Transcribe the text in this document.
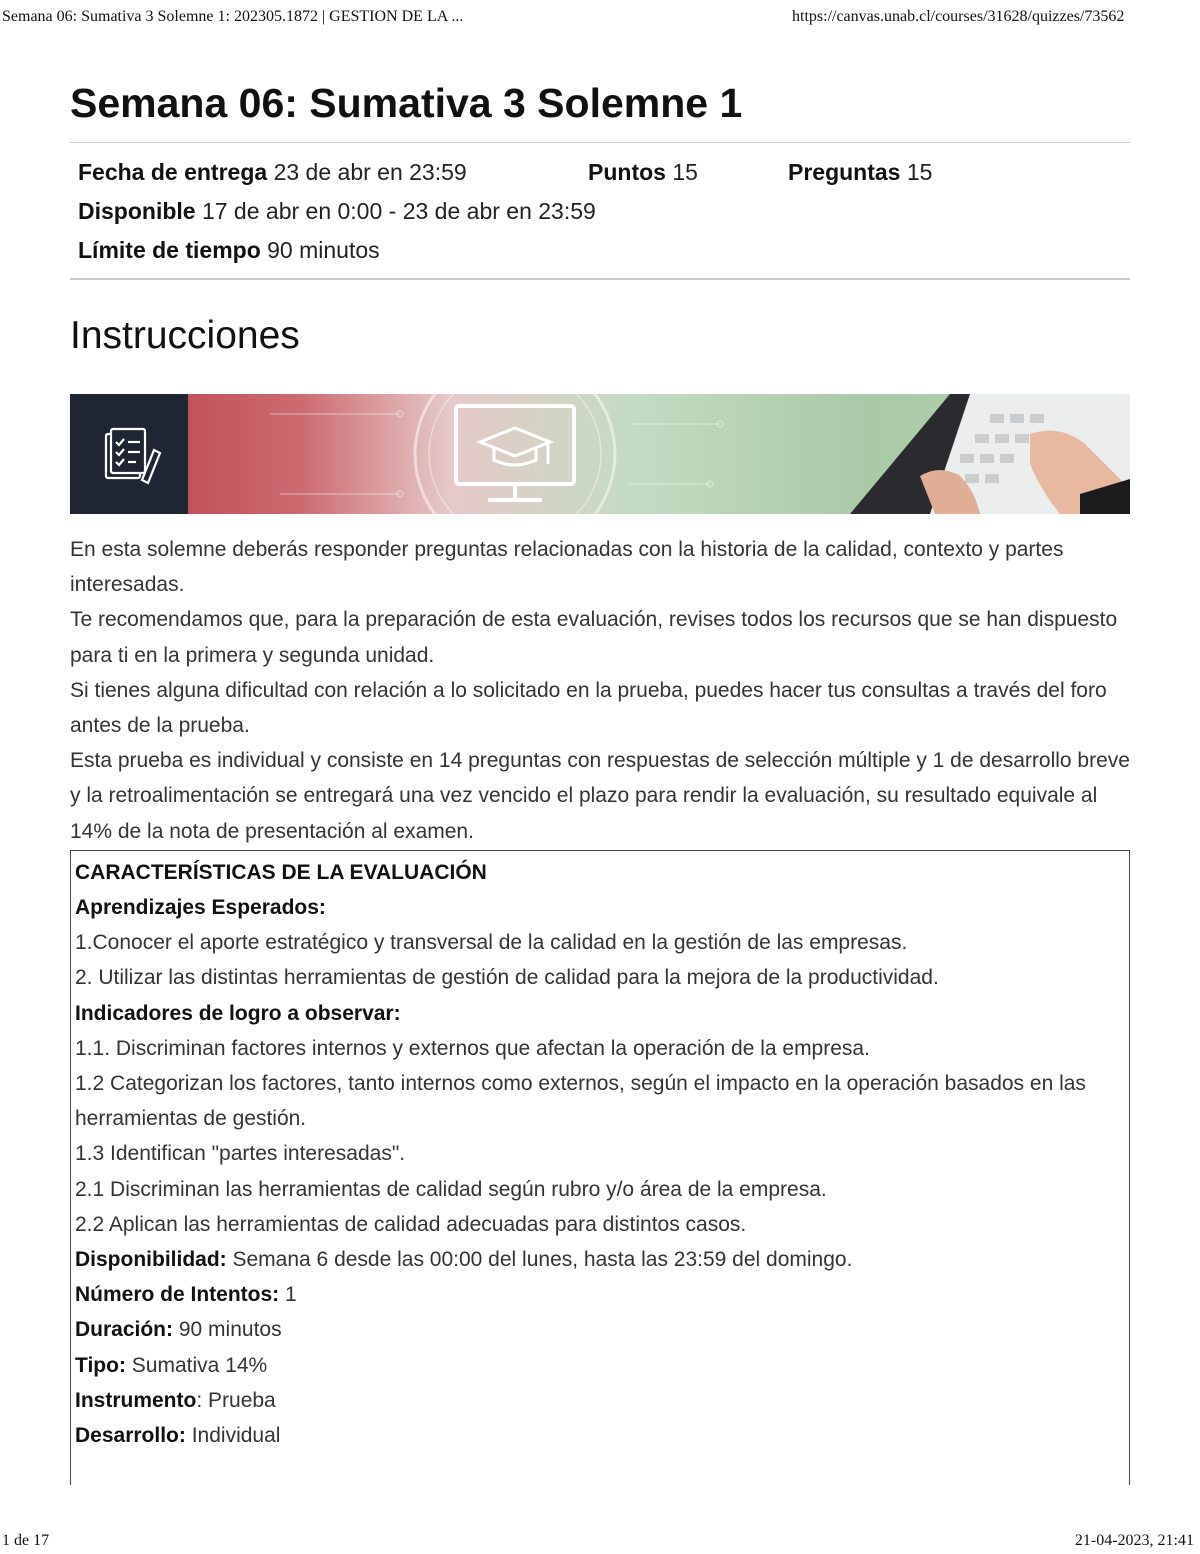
Semana 06: Sumativa 3 Solemne 1: 202305.1872 | GESTION DE LA ...	https://canvas.unab.cl/courses/31628/quizzes/73562
Semana 06: Sumativa 3 Solemne 1
Fecha de entrega 23 de abr en 23:59	Puntos 15	Preguntas 15
Disponible 17 de abr en 0:00 - 23 de abr en 23:59
Límite de tiempo 90 minutos
Instrucciones

En esta solemne deberás responder preguntas relacionadas con la historia de la calidad, contexto y partes interesadas.

Te recomendamos que, para la preparación de esta evaluación, revises todos los recursos que se han dispuesto para ti en la primera y segunda unidad.

Si tienes alguna dificultad con relación a lo solicitado en la prueba, puedes hacer tus consultas a través del foro antes de la prueba.

Esta prueba es individual y consiste en 14 preguntas con respuestas de selección múltiple y 1 de desarrollo breve y la retroalimentación se entregará una vez vencido el plazo para rendir la evaluación, su resultado equivale al 14% de la nota de presentación al examen.

CARACTERÍSTICAS DE LA EVALUACIÓN

Aprendizajes Esperados:

1.Conocer el aporte estratégico y transversal de la calidad en la gestión de las empresas.

2. Utilizar las distintas herramientas de gestión de calidad para la mejora de la productividad.

Indicadores de logro a observar:

1.1. Discriminan factores internos y externos que afectan la operación de la empresa.

1.2 Categorizan los factores, tanto internos como externos, según el impacto en la operación basados en las herramientas de gestión.

1.3 Identifican "partes interesadas".

2.1 Discriminan las herramientas de calidad según rubro y/o área de la empresa.

2.2 Aplican las herramientas de calidad adecuadas para distintos casos.

Disponibilidad: Semana 6 desde las 00:00 del lunes, hasta las 23:59 del domingo.

Número de Intentos: 1

Duración: 90 minutos

Tipo: Sumativa 14%

Instrumento: Prueba

Desarrollo: Individual

1 de 17	21-04-2023, 21:41
